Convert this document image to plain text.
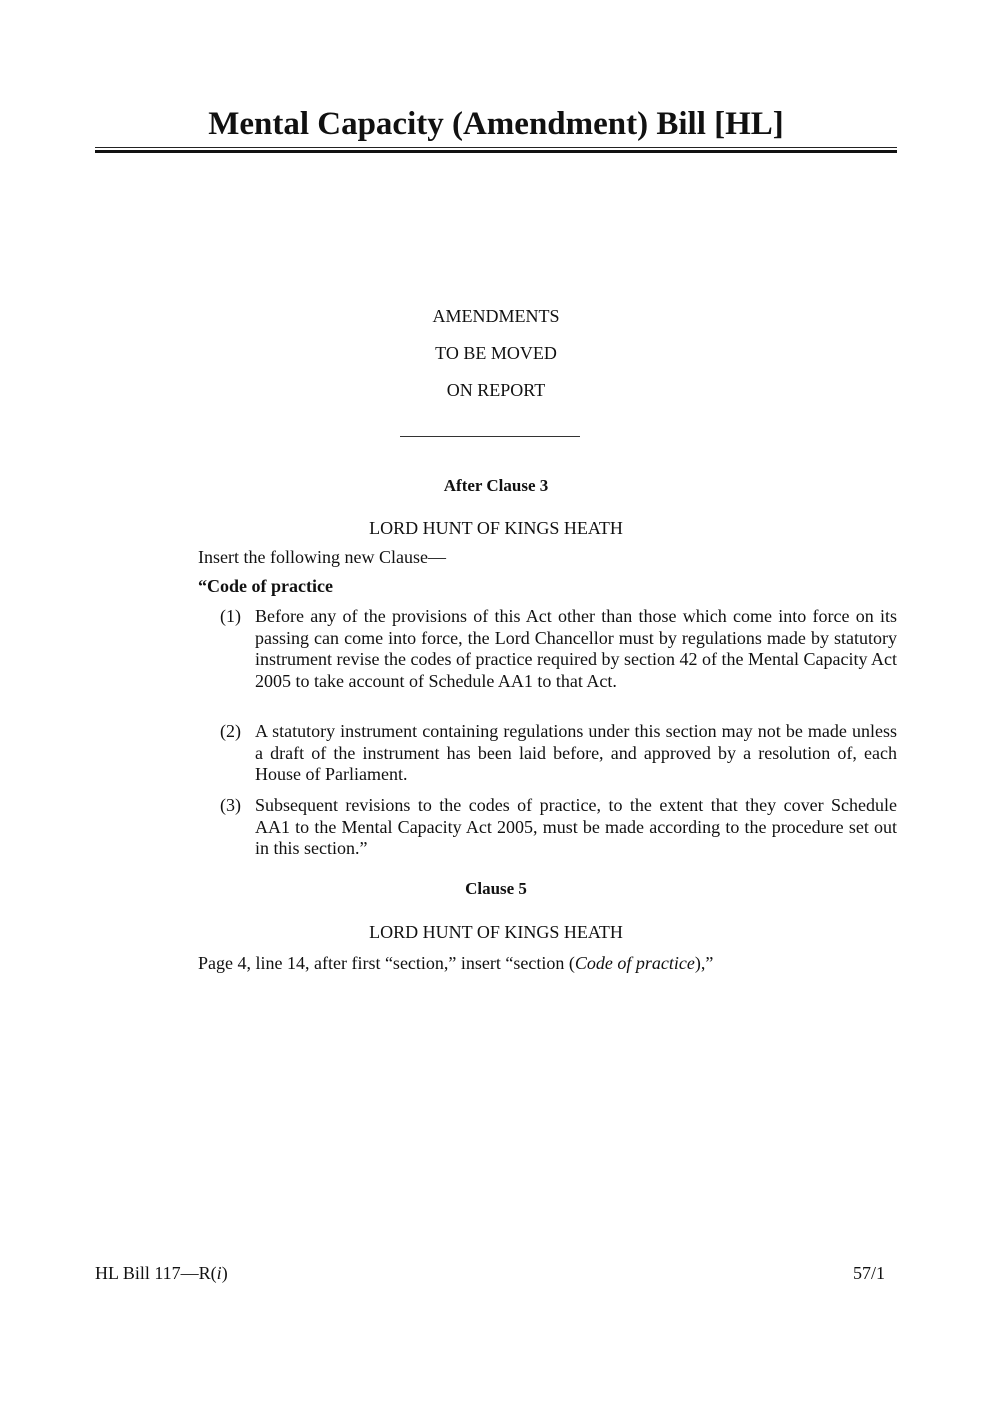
Mental Capacity (Amendment) Bill [HL]
AMENDMENTS
TO BE MOVED
ON REPORT
After Clause 3
LORD HUNT OF KINGS HEATH
Insert the following new Clause—
“Code of practice
(1) Before any of the provisions of this Act other than those which come into force on its passing can come into force, the Lord Chancellor must by regulations made by statutory instrument revise the codes of practice required by section 42 of the Mental Capacity Act 2005 to take account of Schedule AA1 to that Act.
(2) A statutory instrument containing regulations under this section may not be made unless a draft of the instrument has been laid before, and approved by a resolution of, each House of Parliament.
(3) Subsequent revisions to the codes of practice, to the extent that they cover Schedule AA1 to the Mental Capacity Act 2005, must be made according to the procedure set out in this section.”
Clause 5
LORD HUNT OF KINGS HEATH
Page 4, line 14, after first “section,” insert “section (Code of practice),”
HL Bill 117—R(i)	57/1
